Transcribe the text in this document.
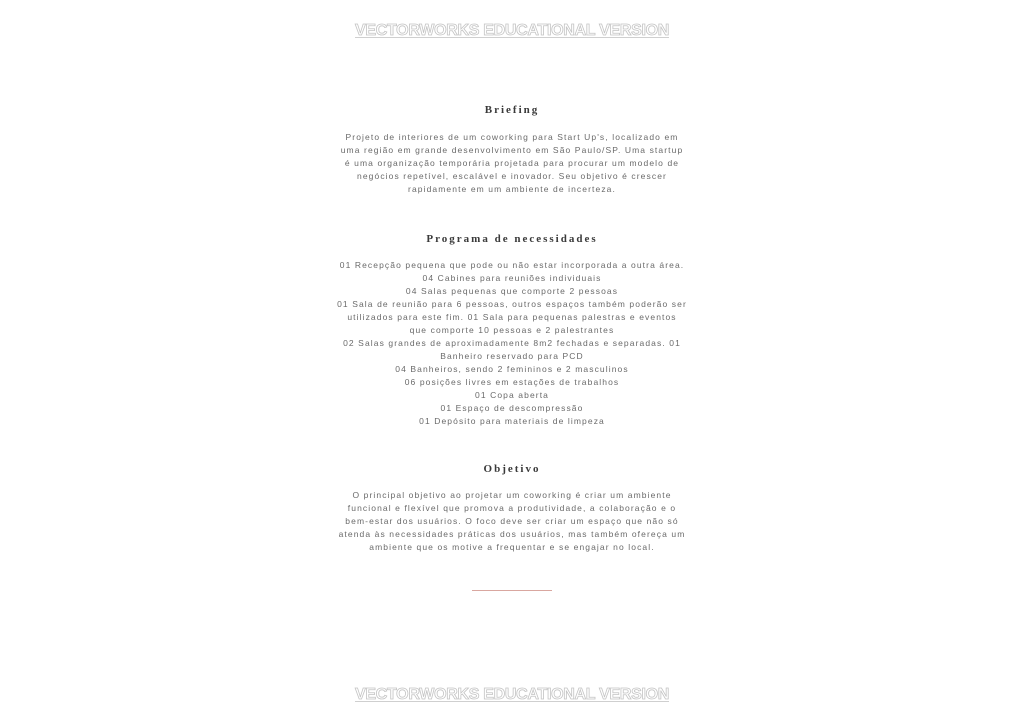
VECTORWORKS EDUCATIONAL VERSION
Briefing

Projeto de interiores de um coworking para Start Up's, localizado em

uma região em grande desenvolvimento em São Paulo/SP. Uma startup

é uma organização temporária projetada para procurar um modelo de

negócios repetível, escalável e inovador. Seu objetivo é crescer

rapidamente em um ambiente de incerteza.

Programa de necessidades

01 Recepção pequena que pode ou não estar incorporada a outra área.

04 Cabines para reuniões individuais

04 Salas pequenas que comporte 2 pessoas

01 Sala de reunião para 6 pessoas, outros espaços também poderão ser

utilizados para este fim. 01 Sala para pequenas palestras e eventos

que comporte 10 pessoas e 2 palestrantes

02 Salas grandes de aproximadamente 8m2 fechadas e separadas. 01

Banheiro reservado para PCD

04 Banheiros, sendo 2 femininos e 2 masculinos

06 posições livres em estações de trabalhos

01 Copa aberta

01 Espaço de descompressão

01 Depósito para materiais de limpeza

Objetivo

O principal objetivo ao projetar um coworking é criar um ambiente

funcional e flexível que promova a produtividade, a colaboração e o

bem-estar dos usuários. O foco deve ser criar um espaço que não só

atenda às necessidades práticas dos usuários, mas também ofereça um

ambiente que os motive a frequentar e se engajar no local.

VECTORWORKS EDUCATIONAL VERSION
